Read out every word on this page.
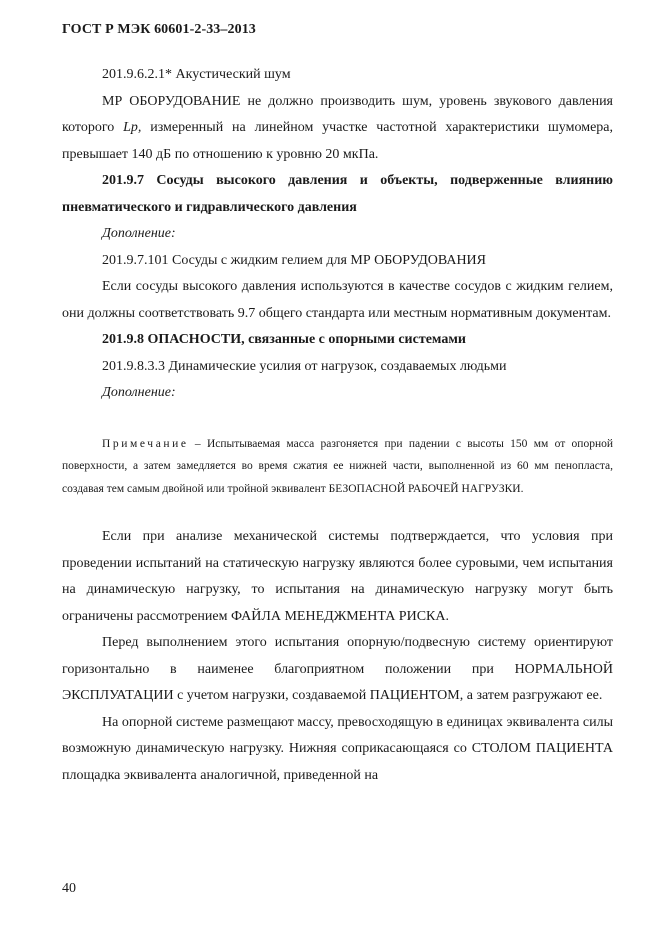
ГОСТ Р МЭК 60601-2-33–2013

201.9.6.2.1* Акустический шум

МР ОБОРУДОВАНИЕ не должно производить шум, уровень звукового давления которого Lp, измеренный на линейном участке частотной характеристики шумомера, превышает 140 дБ по отношению к уровню 20 мкПа.

201.9.7 Сосуды высокого давления и объекты, подверженные влиянию пневматического и гидравлического давления

Дополнение:

201.9.7.101 Сосуды с жидким гелием для МР ОБОРУДОВАНИЯ

Если сосуды высокого давления используются в качестве сосудов с жидким гелием, они должны соответствовать 9.7 общего стандарта или местным нормативным документам.

201.9.8 ОПАСНОСТИ, связанные с опорными системами

201.9.8.3.3 Динамические усилия от нагрузок, создаваемых людьми

Дополнение:

Примечание – Испытываемая масса разгоняется при падении с высоты 150 мм от опорной поверхности, а затем замедляется во время сжатия ее нижней части, выполненной из 60 мм пенопласта, создавая тем самым двойной или тройной эквивалент БЕЗОПАСНОЙ РАБОЧЕЙ НАГРУЗКИ.

Если при анализе механической системы подтверждается, что условия при проведении испытаний на статическую нагрузку являются более суровыми, чем испытания на динамическую нагрузку, то испытания на динамическую нагрузку могут быть ограничены рассмотрением ФАЙЛА МЕНЕДЖМЕНТА РИСКА.

Перед выполнением этого испытания опорную/подвесную систему ориентируют горизонтально в наименее благоприятном положении при НОРМАЛЬНОЙ ЭКСПЛУАТАЦИИ с учетом нагрузки, создаваемой ПАЦИЕНТОМ, а затем разгружают ее.

На опорной системе размещают массу, превосходящую в единицах эквивалента силы возможную динамическую нагрузку. Нижняя соприкасающаяся со СТОЛОМ ПАЦИЕНТА площадка эквивалента аналогичной, приведенной на

40
